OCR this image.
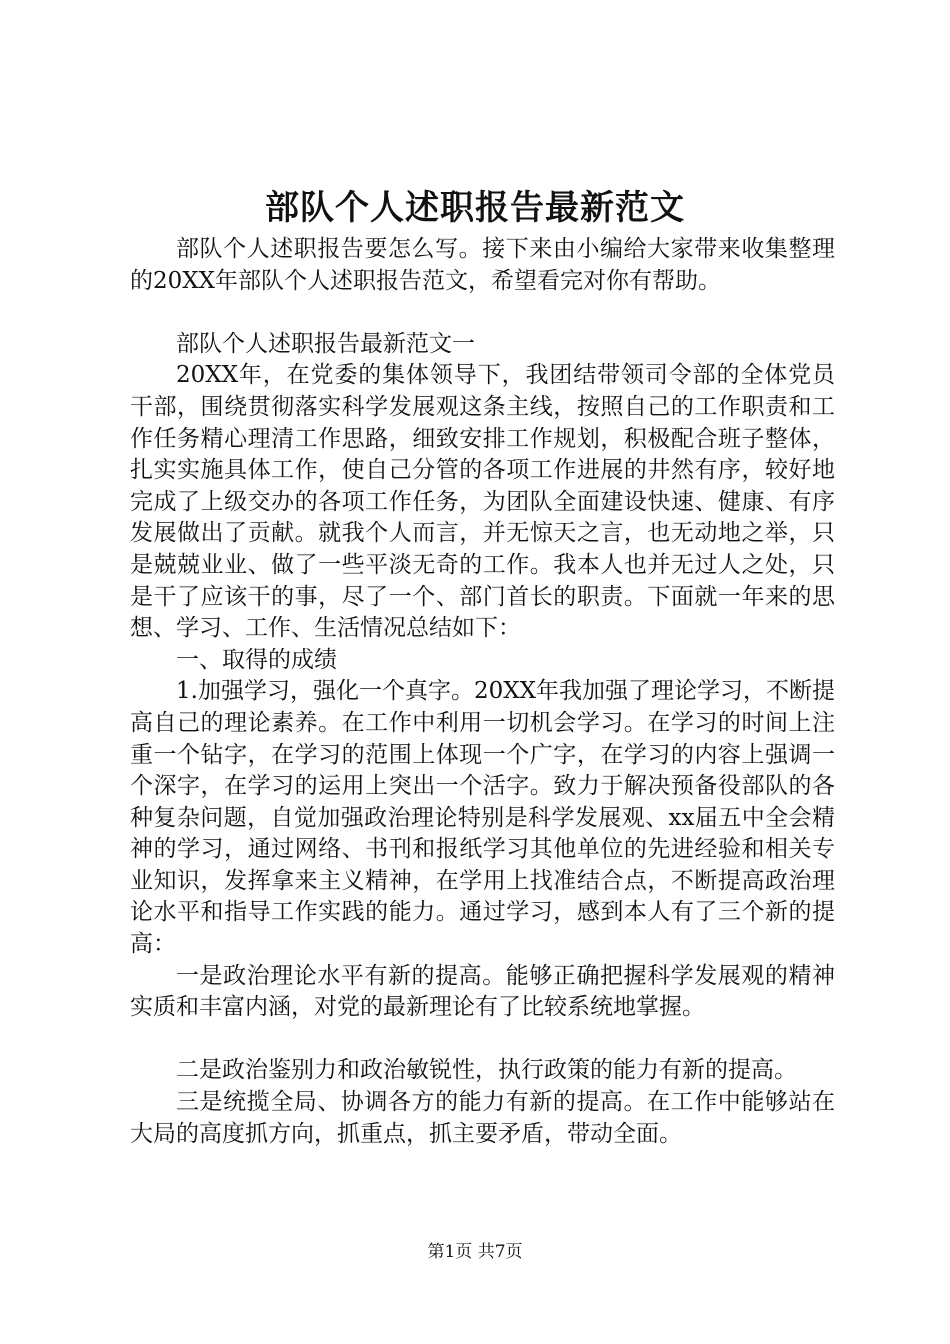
部队个人述职报告最新范文

部队个人述职报告要怎么写。接下来由小编给大家带来收集整理的20XX年部队个人述职报告范文，希望看完对你有帮助。

部队个人述职报告最新范文一

20XX年，在党委的集体领导下，我团结带领司令部的全体党员干部，围绕贯彻落实科学发展观这条主线，按照自己的工作职责和工作任务精心理清工作思路，细致安排工作规划，积极配合班子整体，扎实实施具体工作，使自己分管的各项工作进展的井然有序，较好地完成了上级交办的各项工作任务，为团队全面建设快速、健康、有序发展做出了贡献。就我个人而言，并无惊天之言，也无动地之举，只是兢兢业业、做了一些平淡无奇的工作。我本人也并无过人之处，只是干了应该干的事，尽了一个、部门首长的职责。下面就一年来的思想、学习、工作、生活情况总结如下：

一、取得的成绩

1.加强学习，强化一个真字。20XX年我加强了理论学习，不断提高自己的理论素养。在工作中利用一切机会学习。在学习的时间上注重一个钻字，在学习的范围上体现一个广字，在学习的内容上强调一个深字，在学习的运用上突出一个活字。致力于解决预备役部队的各种复杂问题，自觉加强政治理论特别是科学发展观、xx届五中全会精神的学习，通过网络、书刊和报纸学习其他单位的先进经验和相关专业知识，发挥拿来主义精神，在学用上找准结合点，不断提高政治理论水平和指导工作实践的能力。通过学习，感到本人有了三个新的提高：

一是政治理论水平有新的提高。能够正确把握科学发展观的精神实质和丰富内涵，对党的最新理论有了比较系统地掌握。

二是政治鉴别力和政治敏锐性，执行政策的能力有新的提高。

三是统揽全局、协调各方的能力有新的提高。在工作中能够站在大局的高度抓方向，抓重点，抓主要矛盾，带动全面。

第1页 共7页
